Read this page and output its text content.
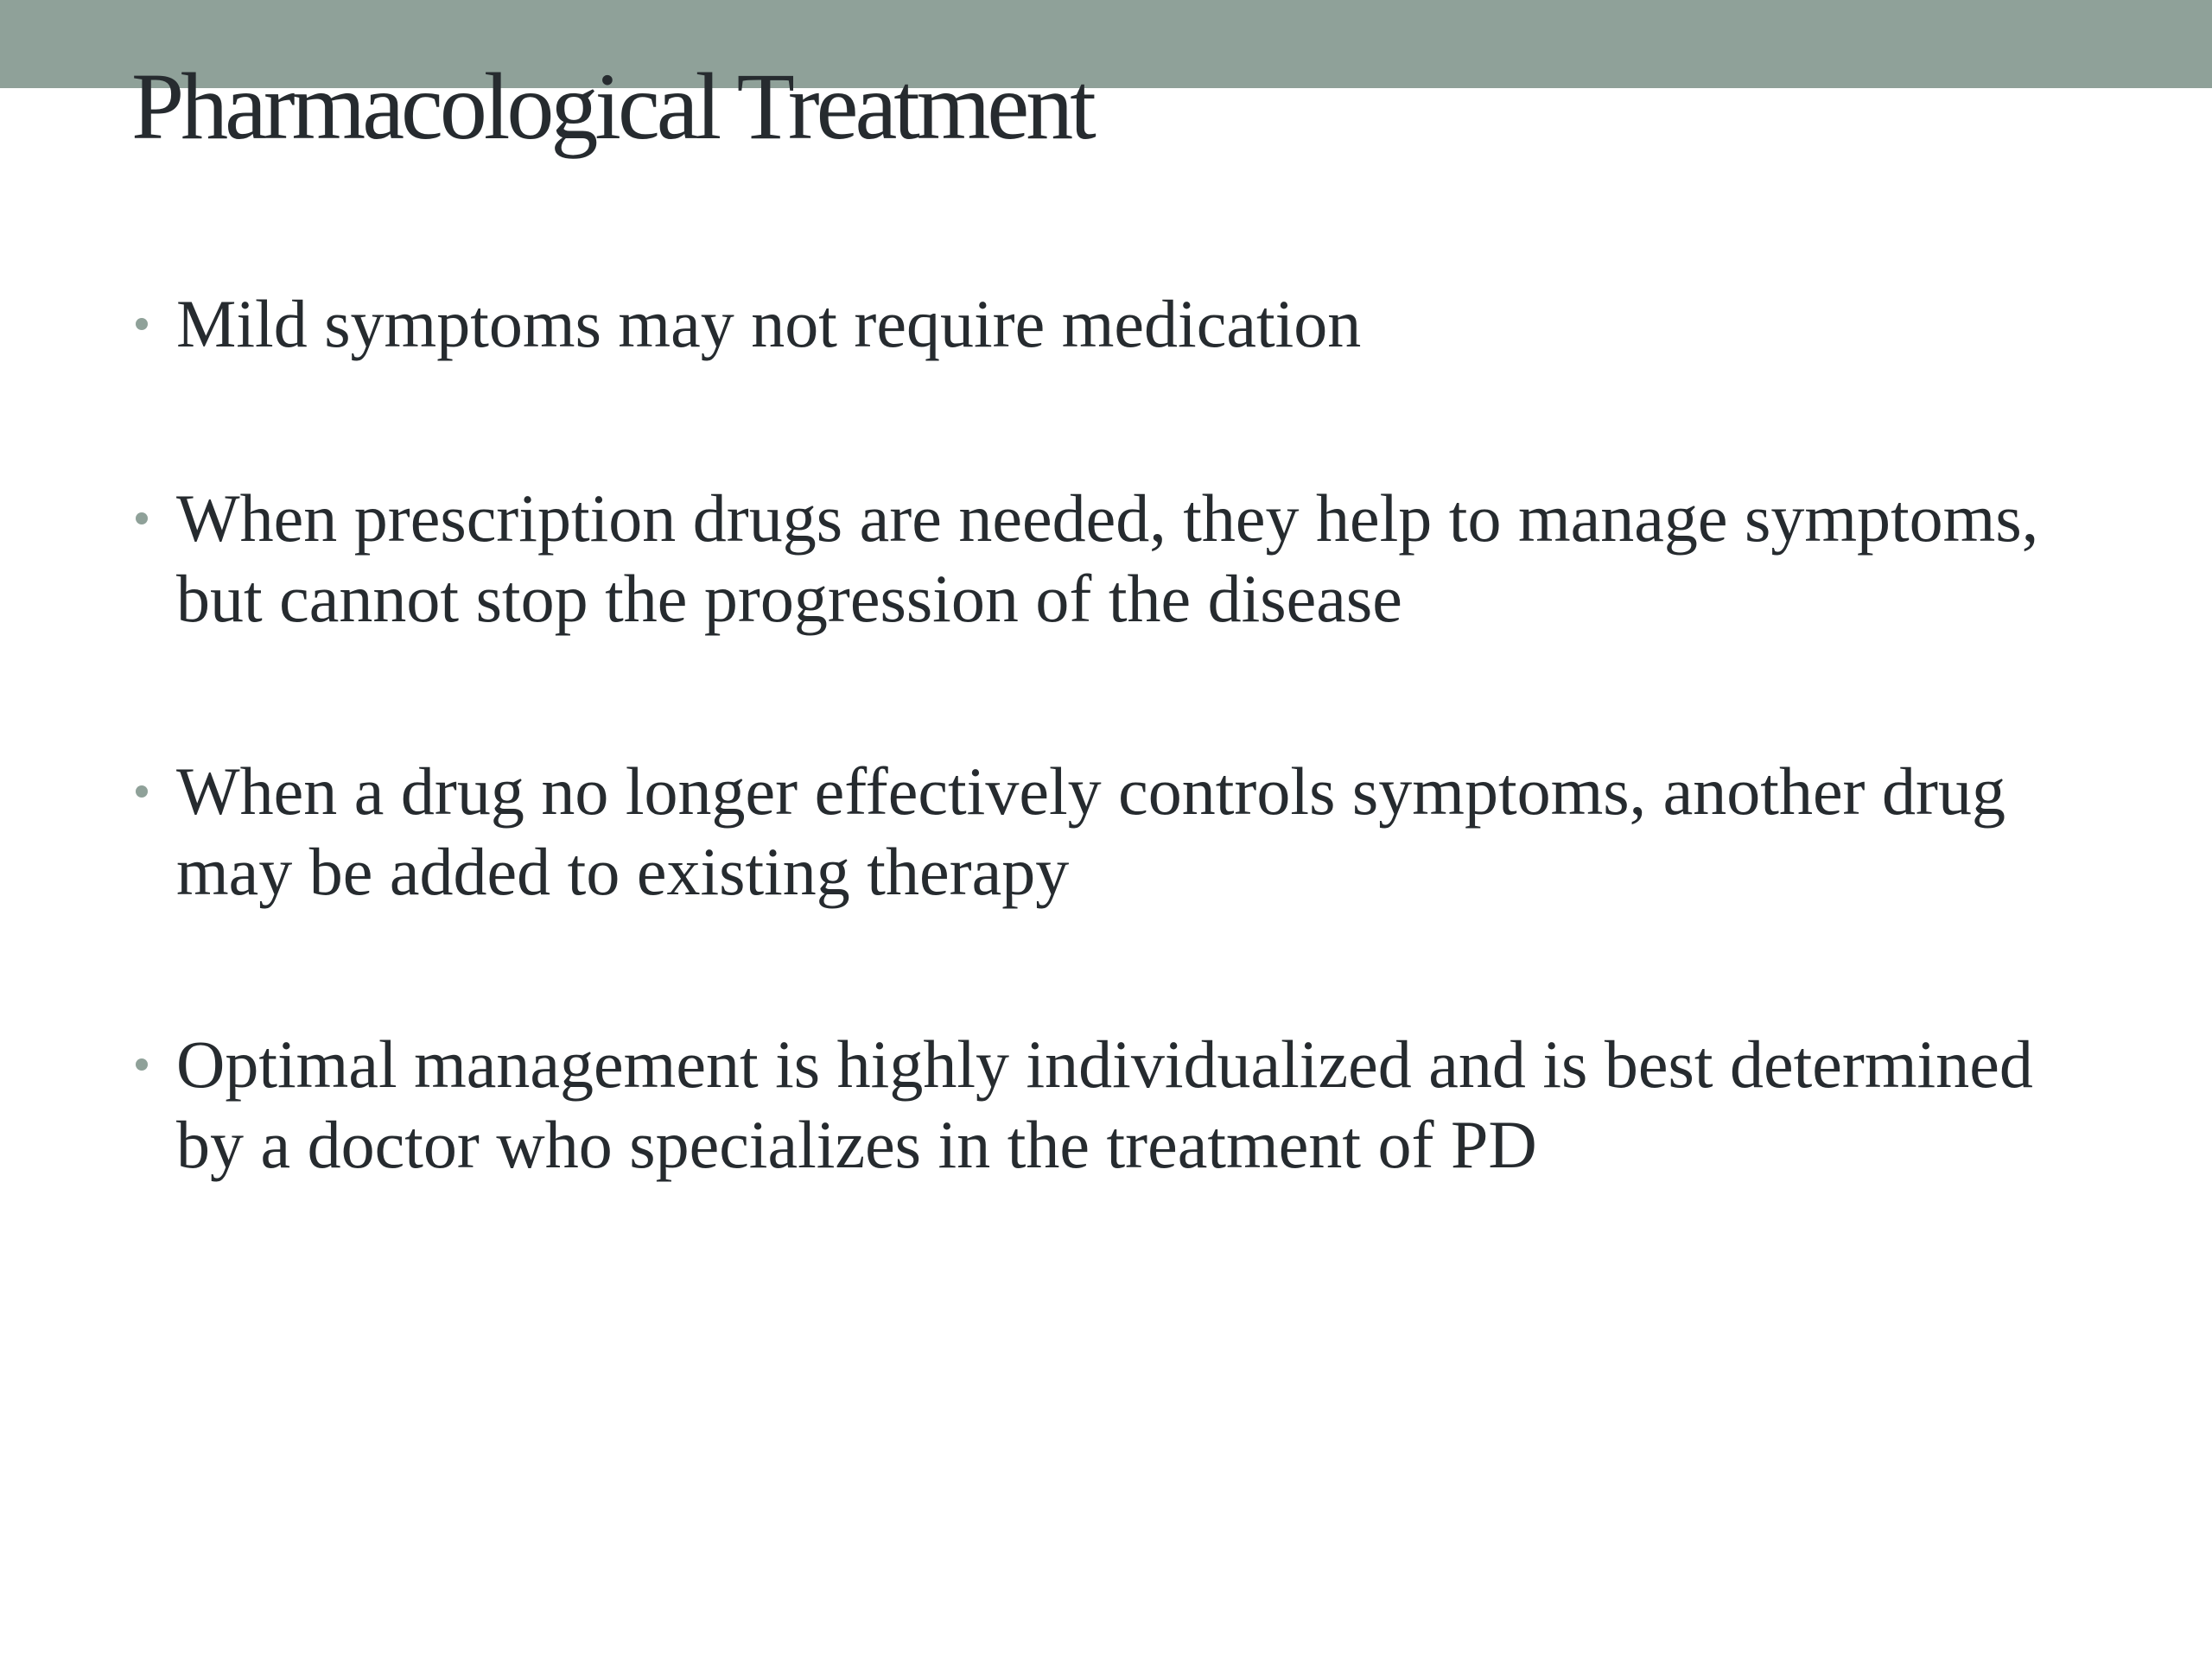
Pharmacological Treatment
Mild symptoms may not require medication
When prescription drugs are needed, they help to manage symptoms, but cannot stop the progression of the disease
When a drug no longer effectively controls symptoms, another drug may be added to existing therapy
Optimal management is highly individualized and is best determined by a doctor who specializes in the treatment of PD
